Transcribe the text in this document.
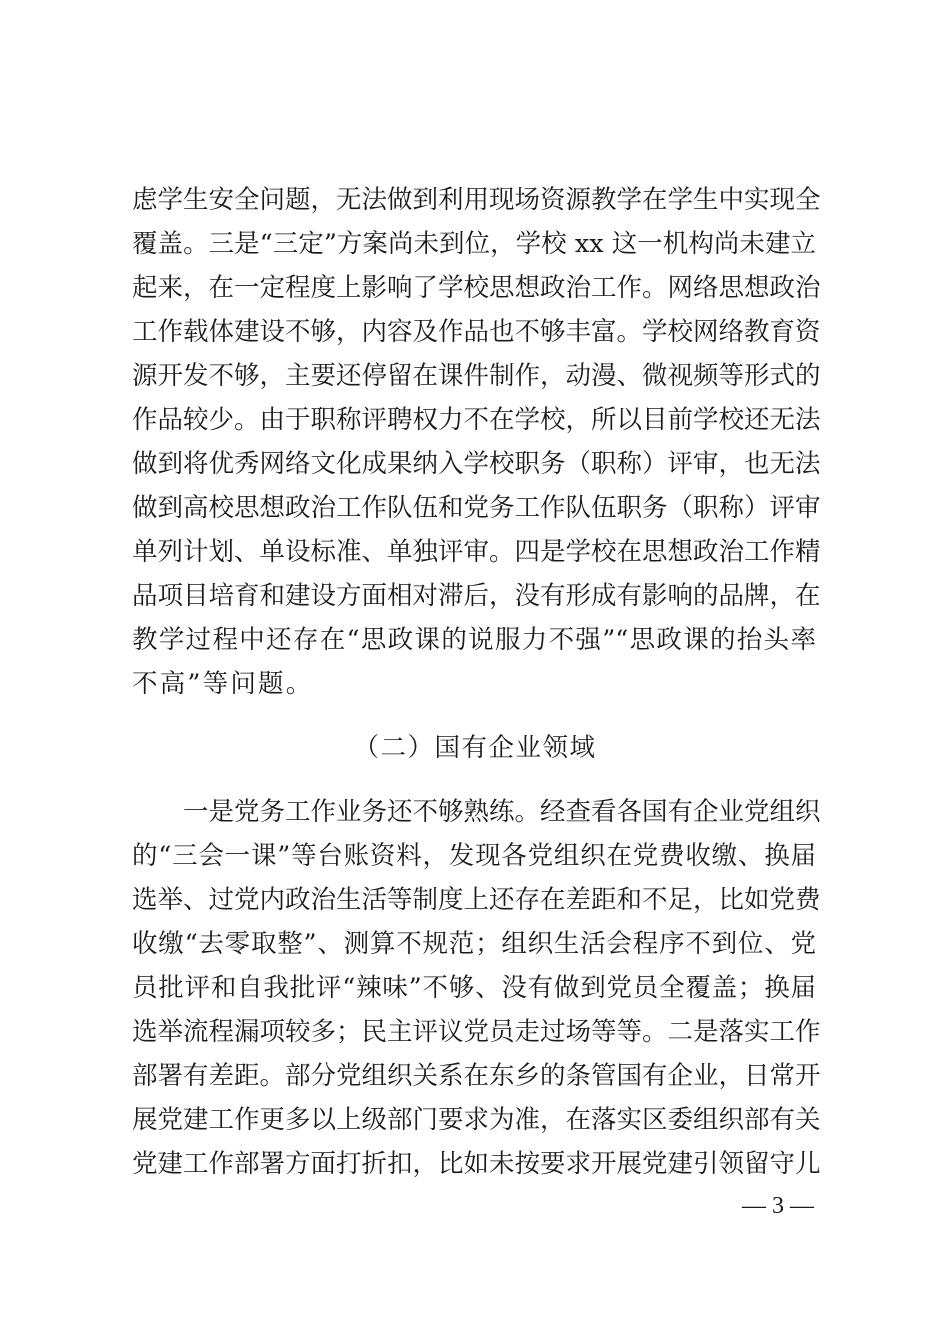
虑学生安全问题，无法做到利用现场资源教学在学生中实现全
覆盖。三是“三定”方案尚未到位，学校 xx 这一机构尚未建立
起来，在一定程度上影响了学校思想政治工作。网络思想政治
工作载体建设不够，内容及作品也不够丰富。学校网络教育资
源开发不够，主要还停留在课件制作，动漫、微视频等形式的
作品较少。由于职称评聘权力不在学校，所以目前学校还无法
做到将优秀网络文化成果纳入学校职务（职称）评审，也无法
做到高校思想政治工作队伍和党务工作队伍职务（职称）评审
单列计划、单设标准、单独评审。四是学校在思想政治工作精
品项目培育和建设方面相对滞后，没有形成有影响的品牌，在
教学过程中还存在“思政课的说服力不强”“思政课的抬头率
不高”等问题。
（二）国有企业领域
一是党务工作业务还不够熟练。经查看各国有企业党组织
的“三会一课”等台账资料，发现各党组织在党费收缴、换届
选举、过党内政治生活等制度上还存在差距和不足，比如党费
收缴“去零取整”、测算不规范；组织生活会程序不到位、党
员批评和自我批评“辣味”不够、没有做到党员全覆盖；换届
选举流程漏项较多；民主评议党员走过场等等。二是落实工作
部署有差距。部分党组织关系在东乡的条管国有企业，日常开
展党建工作更多以上级部门要求为准，在落实区委组织部有关
党建工作部署方面打折扣，比如未按要求开展党建引领留守儿
— 3 —
